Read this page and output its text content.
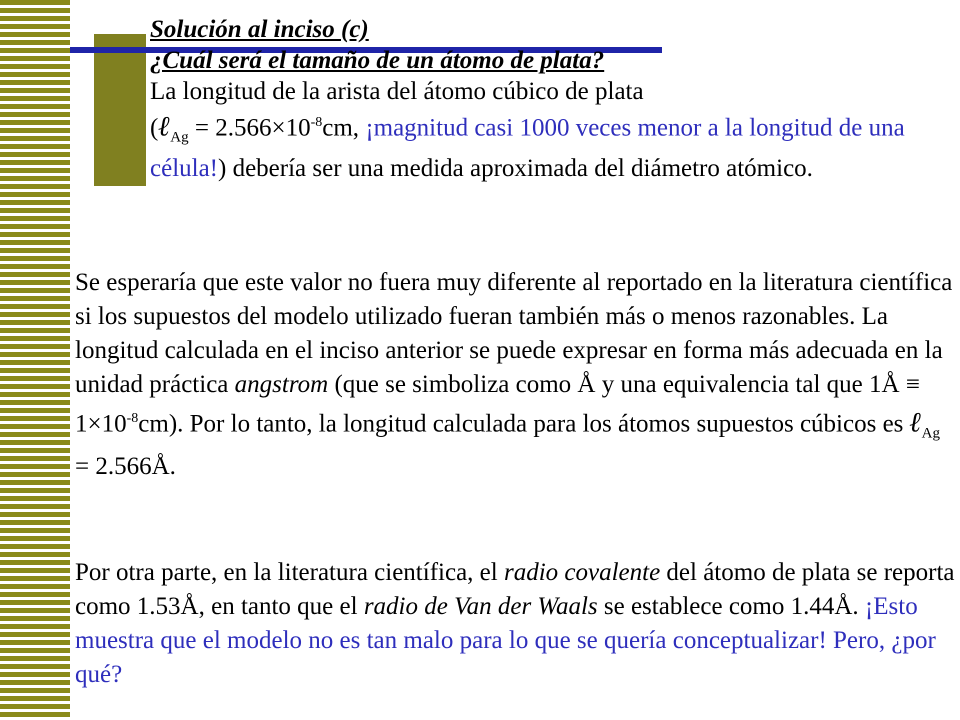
Solución al inciso (c)
¿Cuál será el tamaño de un átomo de plata?
La longitud de la arista del átomo cúbico de plata
(ℓ$_{Ag}$ = $2.566\times 10^{-8}cm$, ¡magnitud casi 1000 veces menor a la longitud de una célula!) debería ser una medida aproximada del diámetro atómico.
Se esperaría que este valor no fuera muy diferente al reportado en la literatura científica si los supuestos del modelo utilizado fueran también más o menos razonables. La longitud calculada en el inciso anterior se puede expresar en forma más adecuada en la unidad práctica angstrom (que se simboliza como Å y una equivalencia tal que 1Å ≡ $1\times 10^{-8}cm$). Por lo tanto, la longitud calculada para los átomos supuestos cúbicos es ℓ$_{Ag}$ = 2.566Å.
Por otra parte, en la literatura científica, el radio covalente del átomo de plata se reporta como 1.53Å, en tanto que el radio de Van der Waals se establece como 1.44Å. ¡Esto muestra que el modelo no es tan malo para lo que se quería conceptualizar! Pero, ¿por qué?
